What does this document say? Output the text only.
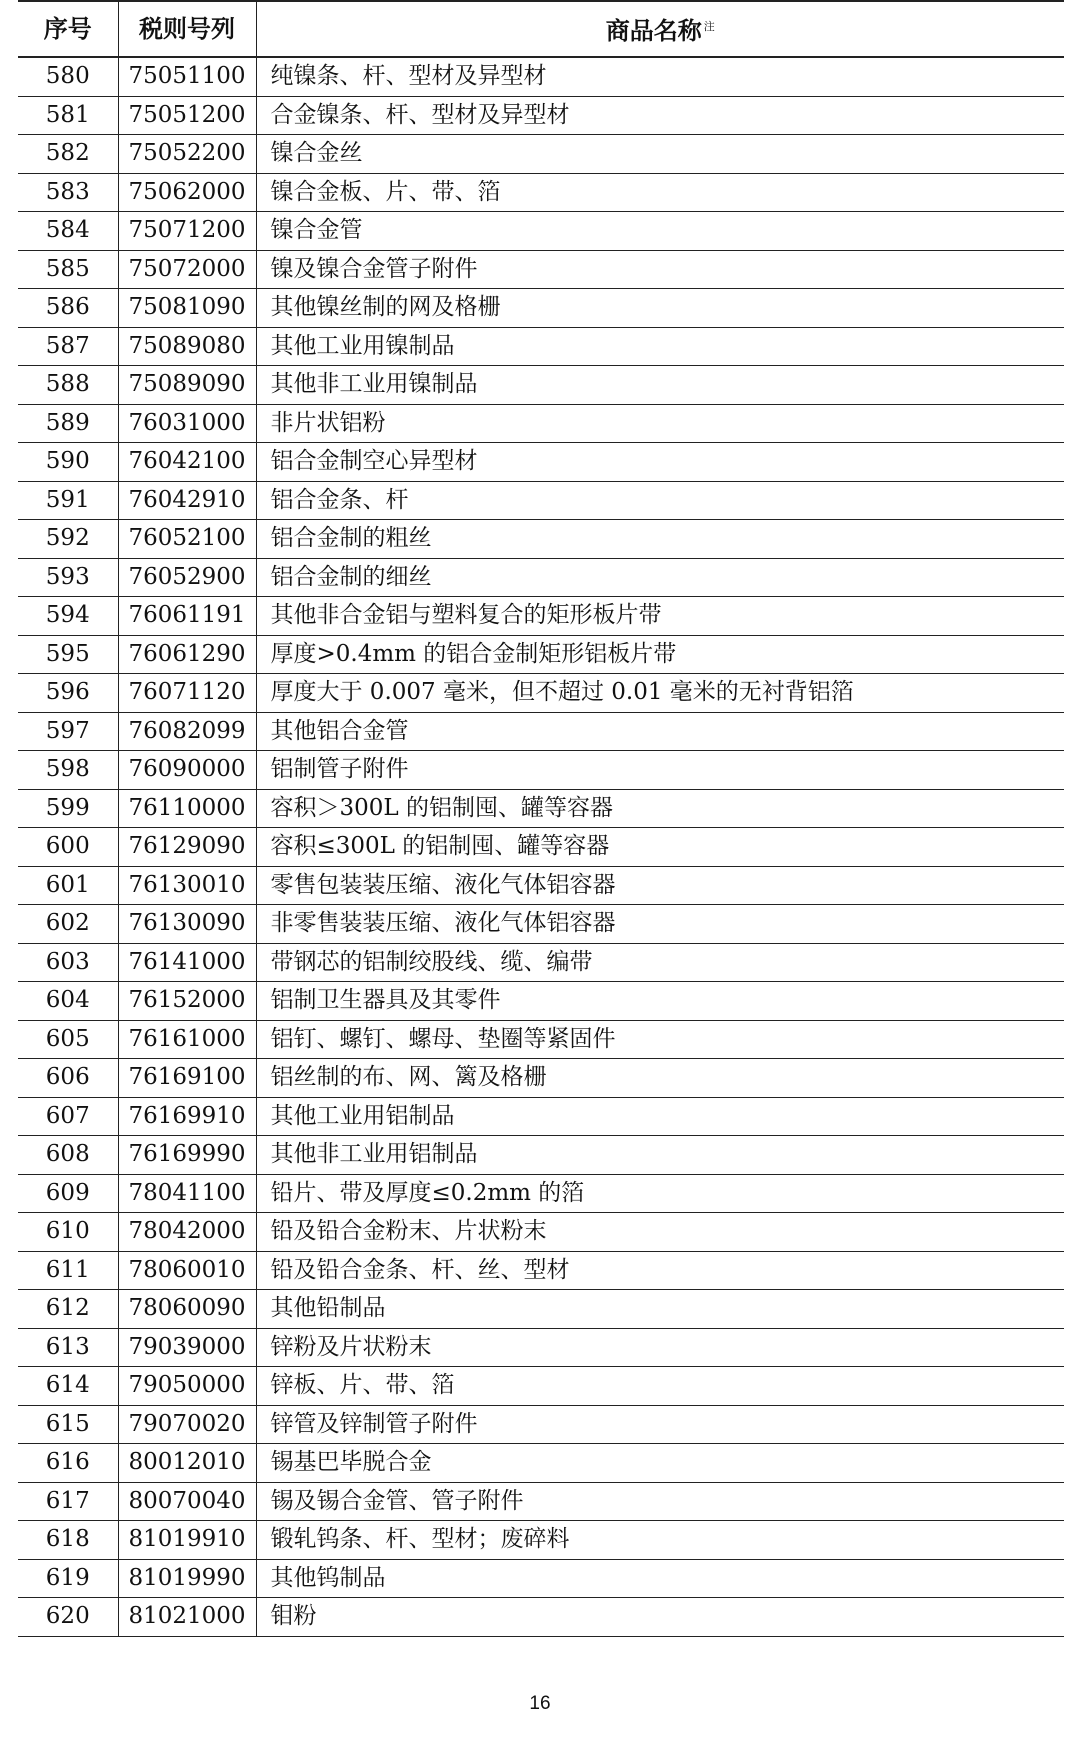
序号	税则号列	商品名称 $^注$
580	75051100	纯镍条、杆、型材及异型材
581	75051200	合金镍条、杆、型材及异型材
582	75052200	镍合金丝
583	75062000	镍合金板、片、带、箔
584	75071200	镍合金管
585	75072000	镍及镍合金管子附件
586	75081090	其他镍丝制的网及格栅
587	75089080	其他工业用镍制品
588	75089090	其他非工业用镍制品
589	76031000	非片状铝粉
590	76042100	铝合金制空心异型材
591	76042910	铝合金条、杆
592	76052100	铝合金制的粗丝
593	76052900	铝合金制的细丝
594	76061191	其他非合金铝与塑料复合的矩形板片带
595	76061290	厚度>0.4mm 的铝合金制矩形铝板片带
596	76071120	厚度大于 0.007 毫米，但不超过 0.01 毫米的无衬背铝箔
597	76082099	其他铝合金管
598	76090000	铝制管子附件
599	76110000	容积＞300L 的铝制囤、罐等容器
600	76129090	容积≤300L 的铝制囤、罐等容器
601	76130010	零售包装装压缩、液化气体铝容器
602	76130090	非零售装装压缩、液化气体铝容器
603	76141000	带钢芯的铝制绞股线、缆、编带
604	76152000	铝制卫生器具及其零件
605	76161000	铝钉、螺钉、螺母、垫圈等紧固件
606	76169100	铝丝制的布、网、篱及格栅
607	76169910	其他工业用铝制品
608	76169990	其他非工业用铝制品
609	78041100	铅片、带及厚度≤0.2mm 的箔
610	78042000	铅及铅合金粉末、片状粉末
611	78060010	铅及铅合金条、杆、丝、型材
612	78060090	其他铅制品
613	79039000	锌粉及片状粉末
614	79050000	锌板、片、带、箔
615	79070020	锌管及锌制管子附件
616	80012010	锡基巴毕脱合金
617	80070040	锡及锡合金管、管子附件
618	81019910	锻轧钨条、杆、型材；废碎料
619	81019990	其他钨制品
620	81021000	钼粉
16
